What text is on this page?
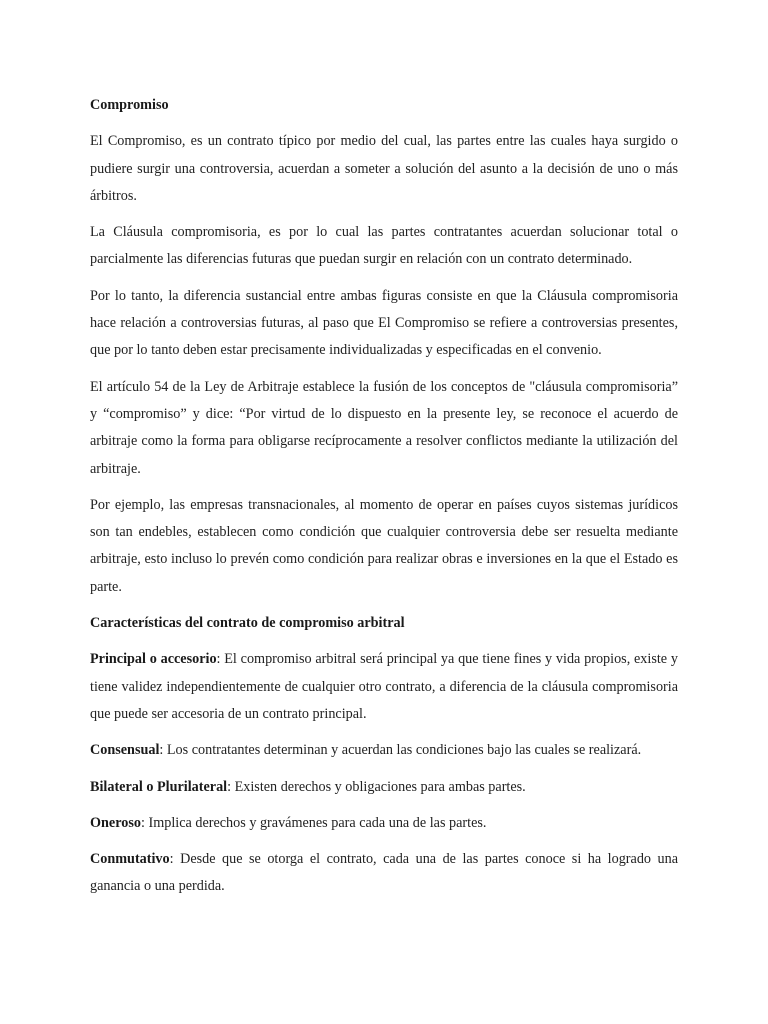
Compromiso

El Compromiso, es un contrato típico por medio del cual, las partes entre las cuales haya surgido o pudiere surgir una controversia, acuerdan a someter a solución del asunto a la decisión de uno o más árbitros.

La Cláusula compromisoria, es por lo cual las partes contratantes acuerdan solucionar total o parcialmente las diferencias futuras que puedan surgir en relación con un contrato determinado.

Por lo tanto, la diferencia sustancial entre ambas figuras consiste en que la Cláusula compromisoria hace relación a controversias futuras, al paso que El Compromiso se refiere a controversias presentes, que por lo tanto deben estar precisamente individualizadas y especificadas en el convenio.

El artículo 54 de la Ley de Arbitraje establece la fusión de los conceptos de "cláusula compromisoria” y “compromiso” y dice: “Por virtud de lo dispuesto en la presente ley, se reconoce el acuerdo de arbitraje como la forma para obligarse recíprocamente a resolver conflictos mediante la utilización del arbitraje.

Por ejemplo, las empresas transnacionales, al momento de operar en países cuyos sistemas jurídicos son tan endebles, establecen como condición que cualquier controversia debe ser resuelta mediante arbitraje, esto incluso lo prevén como condición para realizar obras e inversiones en la que el Estado es parte.

Características del contrato de compromiso arbitral

Principal o accesorio: El compromiso arbitral será principal ya que tiene fines y vida propios, existe y tiene validez independientemente de cualquier otro contrato, a diferencia de la cláusula compromisoria que puede ser accesoria de un contrato principal.

Consensual: Los contratantes determinan y acuerdan las condiciones bajo las cuales se realizará.

Bilateral o Plurilateral: Existen derechos y obligaciones para ambas partes.

Oneroso: Implica derechos y gravámenes para cada una de las partes.

Conmutativo: Desde que se otorga el contrato, cada una de las partes conoce si ha logrado una ganancia o una perdida.
